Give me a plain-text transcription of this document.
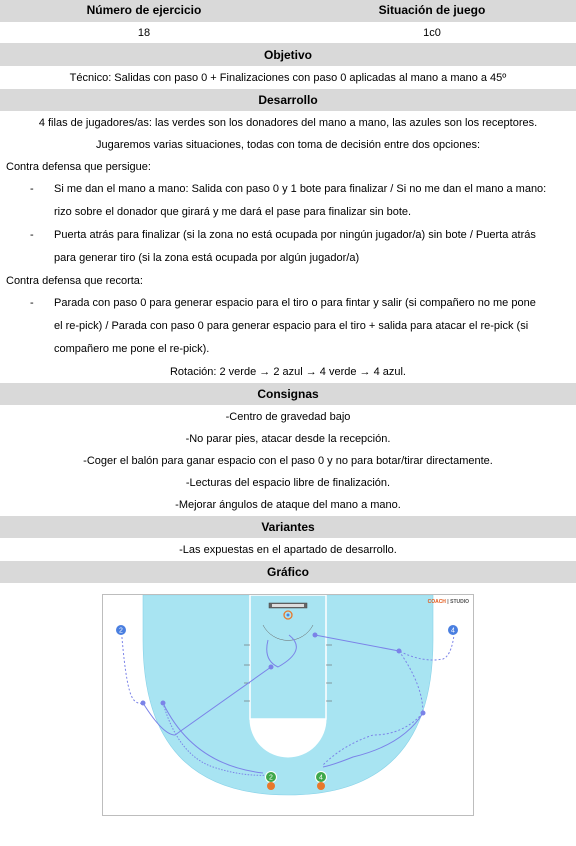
Número de ejercicio	Situación de juego
18	1c0
Objetivo
Técnico: Salidas con paso 0 + Finalizaciones con paso 0 aplicadas al mano a mano a 45º
Desarrollo
4 filas de jugadores/as: las verdes son los donadores del mano a mano, las azules son los receptores.
Jugaremos varias situaciones, todas con toma de decisión entre dos opciones:
Contra defensa que persigue:
-	Si me dan el mano a mano: Salida con paso 0 y 1 bote para finalizar / Si no me dan el mano a mano:
rizo sobre el donador que girará y me dará el pase para finalizar sin bote.
-	Puerta atrás para finalizar (si la zona no está ocupada por ningún jugador/a) sin bote / Puerta atrás
para generar tiro (si la zona está ocupada por algún jugador/a)
Contra defensa que recorta:
-	Parada con paso 0 para generar espacio para el tiro o para fintar y salir (si compañero no me pone
el re-pick) / Parada con paso 0 para generar espacio para el tiro + salida para atacar el re-pick (si
compañero me pone el re-pick).
Rotación: 2 verde → 2 azul → 4 verde → 4 azul.
Consignas
-Centro de gravedad bajo
-No parar pies, atacar desde la recepción.
-Coger el balón para ganar espacio con el paso 0 y no para botar/tirar directamente.
-Lecturas del espacio libre de finalización.
-Mejorar ángulos de ataque del mano a mano.
Variantes
-Las expuestas en el apartado de desarrollo.
Gráfico
COACH | STUDIO
2	4
2	4
